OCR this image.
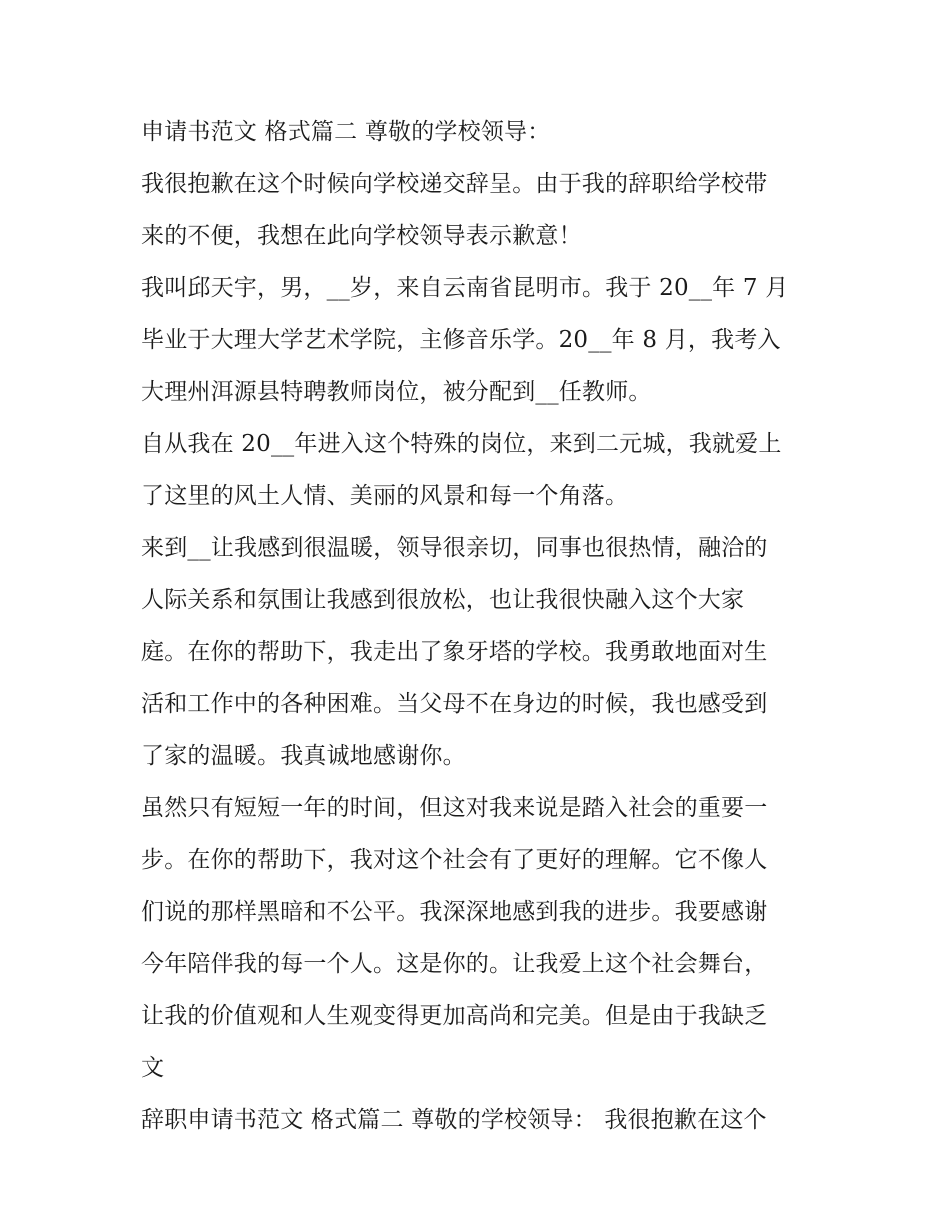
申请书范文 格式篇二 尊敬的学校领导：
我很抱歉在这个时候向学校递交辞呈。由于我的辞职给学校带
来的不便，我想在此向学校领导表示歉意！
我叫邱天宇，男，__岁，来自云南省昆明市。我于 20__年 7 月
毕业于大理大学艺术学院，主修音乐学。20__年 8 月，我考入
大理州洱源县特聘教师岗位，被分配到__任教师。
自从我在 20__年进入这个特殊的岗位，来到二元城，我就爱上
了这里的风土人情、美丽的风景和每一个角落。
来到__让我感到很温暖，领导很亲切，同事也很热情，融洽的
人际关系和氛围让我感到很放松，也让我很快融入这个大家
庭。在你的帮助下，我走出了象牙塔的学校。我勇敢地面对生
活和工作中的各种困难。当父母不在身边的时候，我也感受到
了家的温暖。我真诚地感谢你。
虽然只有短短一年的时间，但这对我来说是踏入社会的重要一
步。在你的帮助下，我对这个社会有了更好的理解。它不像人
们说的那样黑暗和不公平。我深深地感到我的进步。我要感谢
今年陪伴我的每一个人。这是你的。让我爱上这个社会舞台，
让我的价值观和人生观变得更加高尚和完美。但是由于我缺乏
文
辞职申请书范文 格式篇二 尊敬的学校领导： 我很抱歉在这个
